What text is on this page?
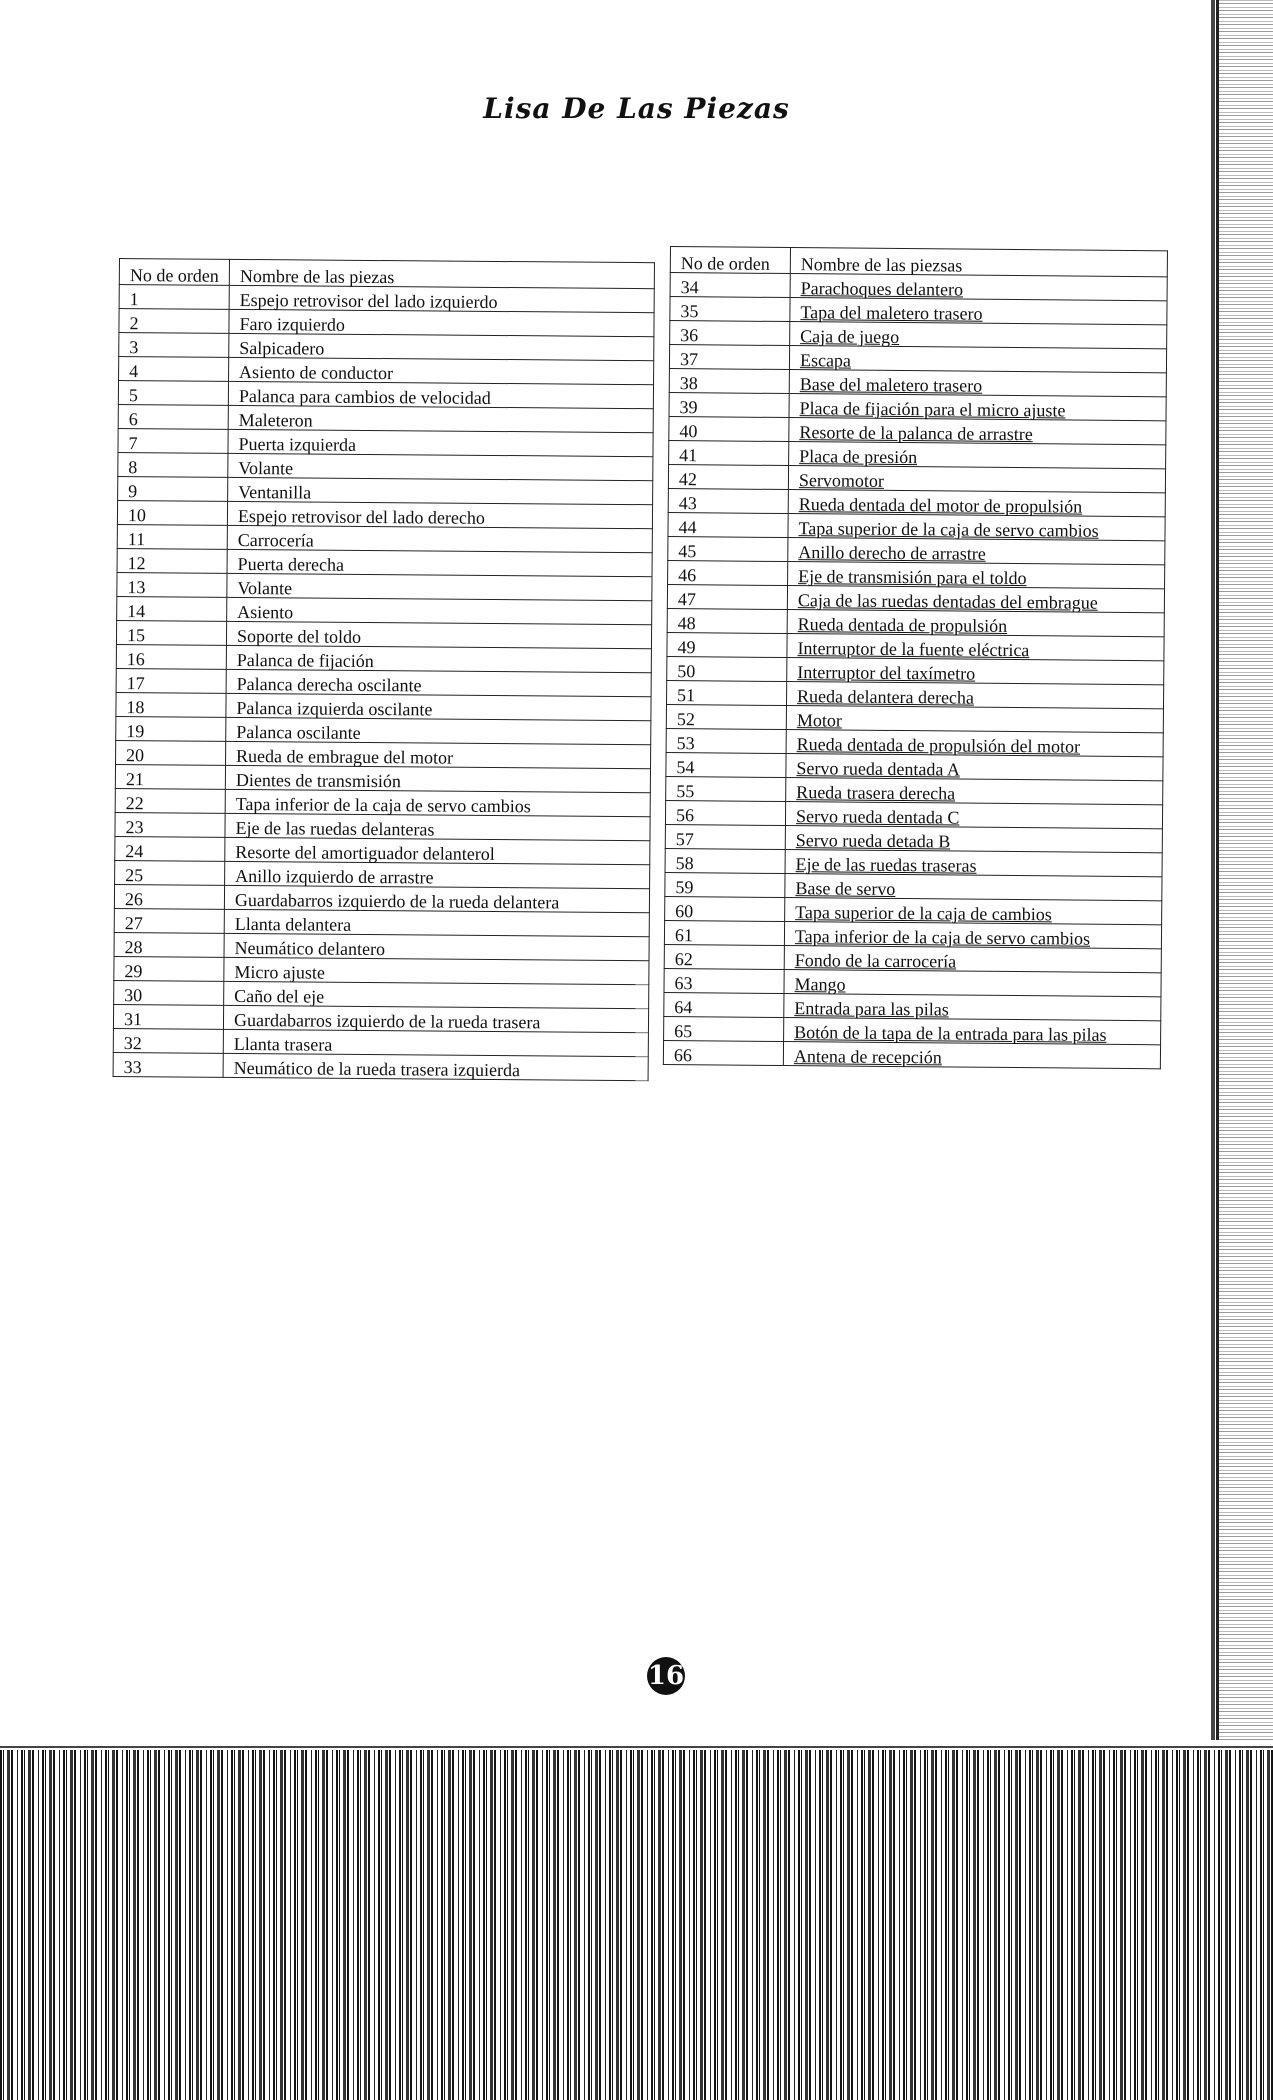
Lisa De Las Piezas
No de orden	Nombre de las piezas
1	Espejo retrovisor del lado izquierdo
2	Faro izquierdo
3	Salpicadero
4	Asiento de conductor
5	Palanca para cambios de velocidad
6	Maleteron
7	Puerta izquierda
8	Volante
9	Ventanilla
10	Espejo retrovisor del lado derecho
11	Carrocería
12	Puerta derecha
13	Volante
14	Asiento
15	Soporte del toldo
16	Palanca de fijación
17	Palanca derecha oscilante
18	Palanca izquierda oscilante
19	Palanca oscilante
20	Rueda de embrague del motor
21	Dientes de transmisión
22	Tapa inferior de la caja de servo cambios
23	Eje de las ruedas delanteras
24	Resorte del amortiguador delanterol
25	Anillo izquierdo de arrastre
26	Guardabarros izquierdo de la rueda delantera
27	Llanta delantera
28	Neumático delantero
29	Micro ajuste
30	Caño del eje
31	Guardabarros izquierdo de la rueda trasera
32	Llanta trasera
33	Neumático de la rueda trasera izquierda
No de orden	Nombre de las piezsas
34	Parachoques delantero
35	Tapa del maletero trasero
36	Caja de juego
37	Escapa
38	Base del maletero trasero
39	Placa de fijación para el micro ajuste
40	Resorte de la palanca de arrastre
41	Placa de presión
42	Servomotor
43	Rueda dentada del motor de propulsión
44	Tapa superior de la caja de servo cambios
45	Anillo derecho de arrastre
46	Eje de transmisión para el toldo
47	Caja de las ruedas dentadas del embrague
48	Rueda dentada de propulsión
49	Interruptor de la fuente eléctrica
50	Interruptor del taxímetro
51	Rueda delantera derecha
52	Motor
53	Rueda dentada de propulsión del motor
54	Servo rueda dentada A
55	Rueda trasera derecha
56	Servo rueda dentada C
57	Servo rueda detada B
58	Eje de las ruedas traseras
59	Base de servo
60	Tapa superior de la caja de cambios
61	Tapa inferior de la caja de servo cambios
62	Fondo de la carrocería
63	Mango
64	Entrada para las pilas
65	Botón de la tapa de la entrada para las pilas
66	Antena de recepción
16
